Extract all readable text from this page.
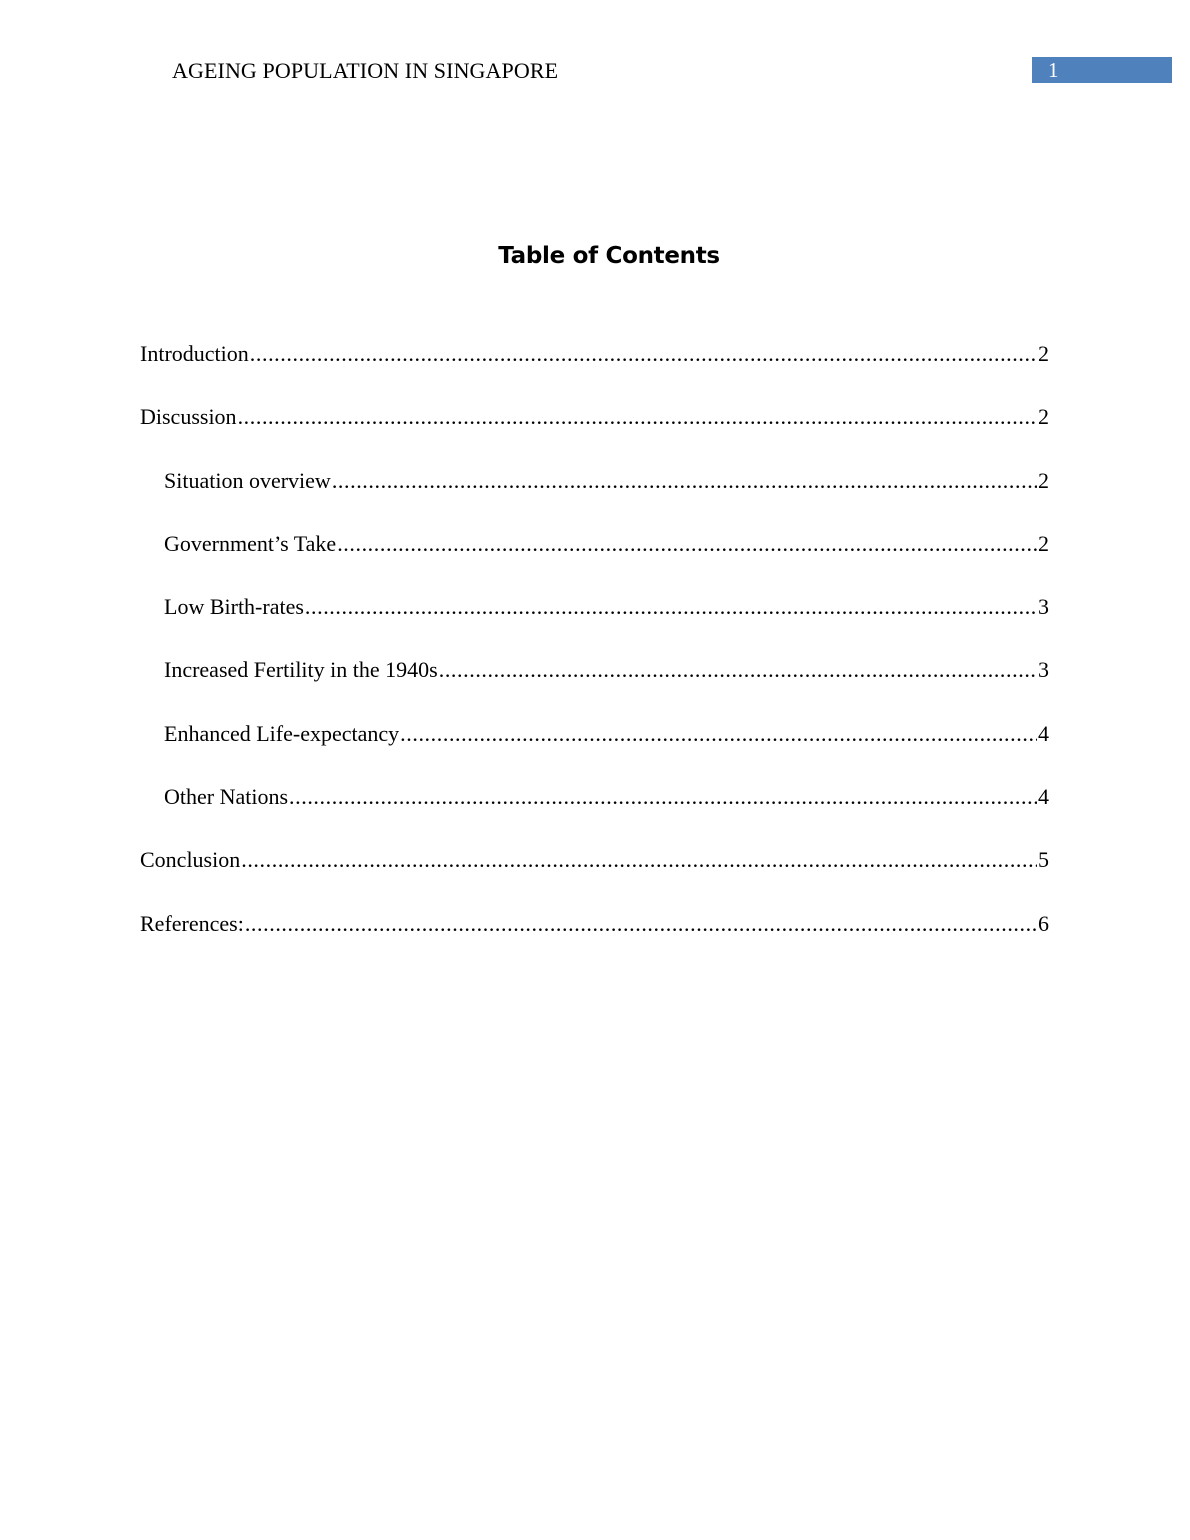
AGEING POPULATION IN SINGAPORE	1
Table of Contents
Introduction .....	2
Discussion .....	2
Situation overview .....	2
Government’s Take .....	2
Low Birth-rates .....	3
Increased Fertility in the 1940s .....	3
Enhanced Life-expectancy .....	4
Other Nations .....	4
Conclusion .....	5
References: .....	6
